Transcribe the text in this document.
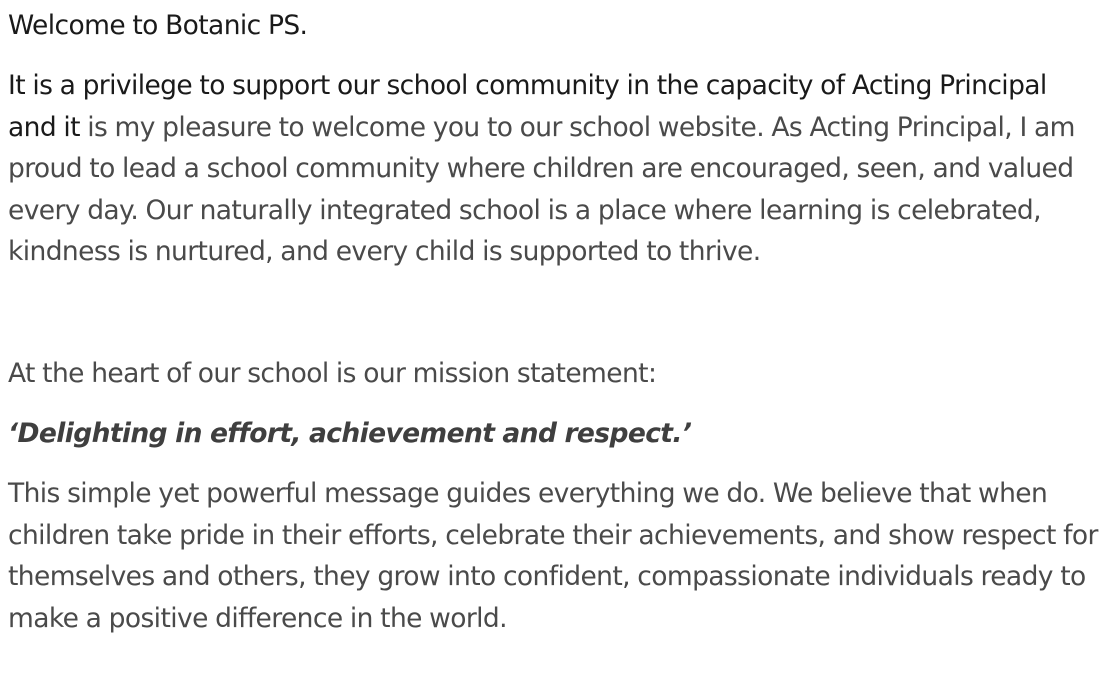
Welcome to Botanic PS.

It is a privilege to support our school community in the capacity of Acting Principal and it is my pleasure to welcome you to our school website. As Acting Principal, I am proud to lead a school community where children are encouraged, seen, and valued every day. Our naturally integrated school is a place where learning is celebrated, kindness is nurtured, and every child is supported to thrive.

At the heart of our school is our mission statement:

‘Delighting in effort, achievement and respect.’

This simple yet powerful message guides everything we do. We believe that when children take pride in their efforts, celebrate their achievements, and show respect for themselves and others, they grow into confident, compassionate individuals ready to make a positive difference in the world.
